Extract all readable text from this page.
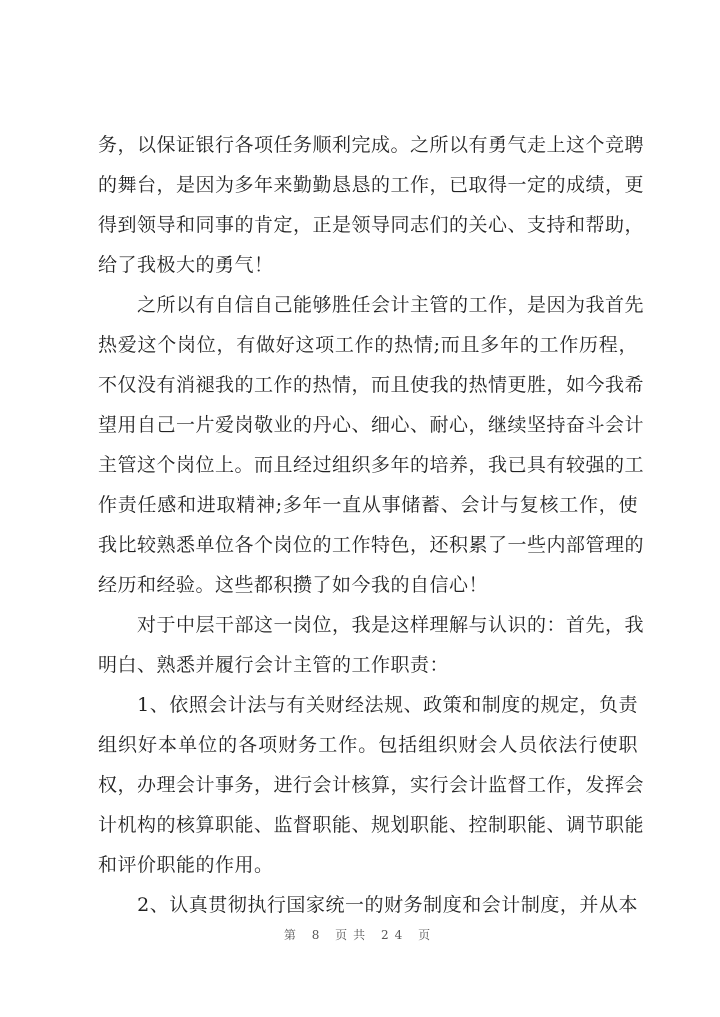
务，以保证银行各项任务顺利完成。之所以有勇气走上这个竞聘
的舞台，是因为多年来勤勤恳恳的工作，已取得一定的成绩，更
得到领导和同事的肯定，正是领导同志们的关心、支持和帮助，
给了我极大的勇气！
　　之所以有自信自己能够胜任会计主管的工作，是因为我首先
热爱这个岗位，有做好这项工作的热情;而且多年的工作历程，
不仅没有消褪我的工作的热情，而且使我的热情更胜，如今我希
望用自己一片爱岗敬业的丹心、细心、耐心，继续坚持奋斗会计
主管这个岗位上。而且经过组织多年的培养，我已具有较强的工
作责任感和进取精神;多年一直从事储蓄、会计与复核工作，使
我比较熟悉单位各个岗位的工作特色，还积累了一些内部管理的
经历和经验。这些都积攒了如今我的自信心！
　　对于中层干部这一岗位，我是这样理解与认识的：首先，我
明白、熟悉并履行会计主管的工作职责：
　　1、依照会计法与有关财经法规、政策和制度的规定，负责
组织好本单位的各项财务工作。包括组织财会人员依法行使职
权，办理会计事务，进行会计核算，实行会计监督工作，发挥会
计机构的核算职能、监督职能、规划职能、控制职能、调节职能
和评价职能的作用。
　　2、认真贯彻执行国家统一的财务制度和会计制度，并从本
第 8 页共 24 页
